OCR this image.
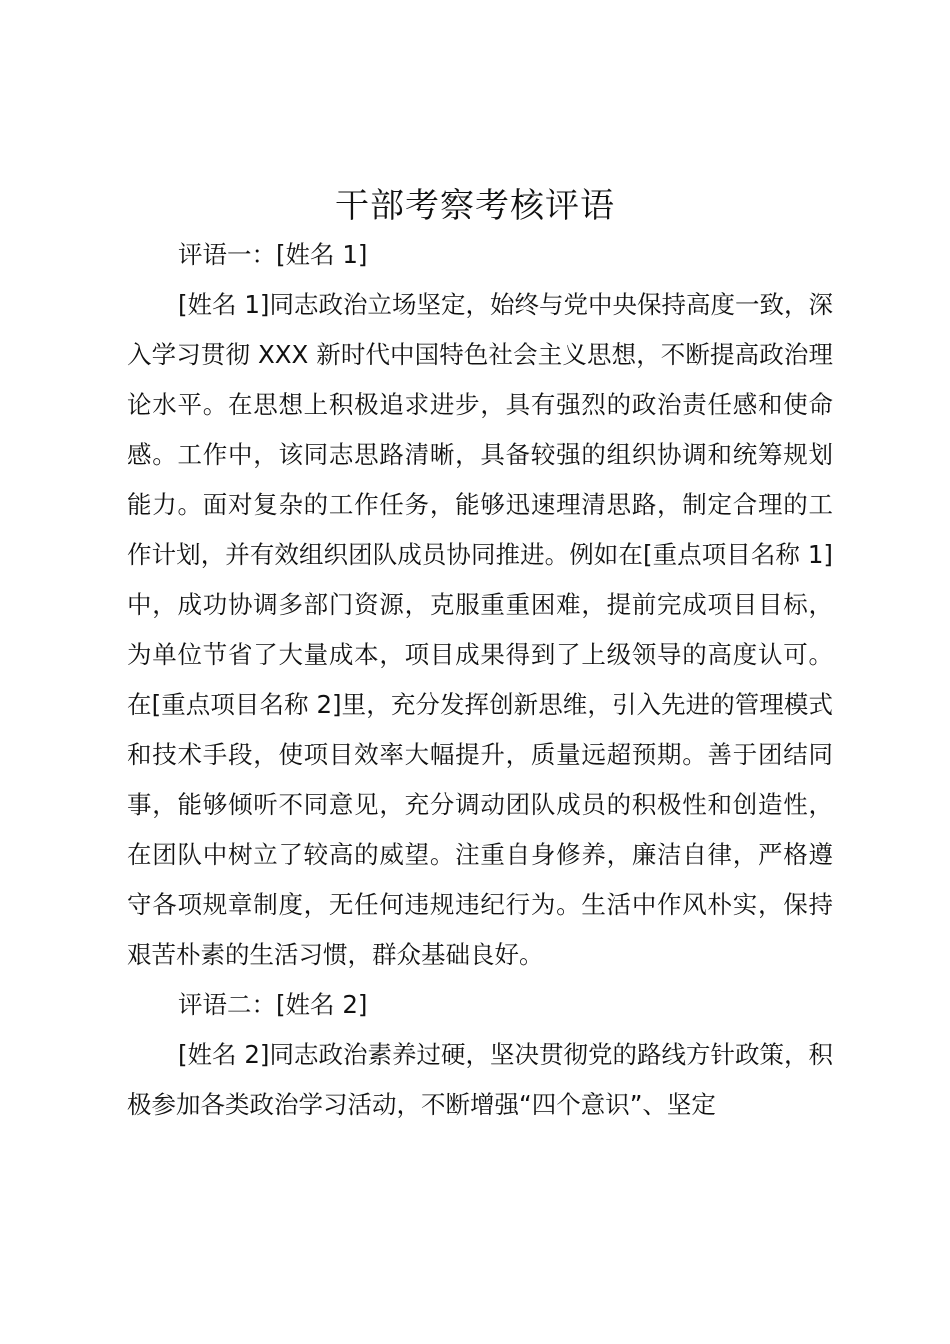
干部考察考核评语

评语一：[姓名 1]

[姓名 1]同志政治立场坚定，始终与党中央保持高度一致，深入学习贯彻 XXX 新时代中国特色社会主义思想，不断提高政治理论水平。在思想上积极追求进步，具有强烈的政治责任感和使命感。工作中，该同志思路清晰，具备较强的组织协调和统筹规划能力。面对复杂的工作任务，能够迅速理清思路，制定合理的工作计划，并有效组织团队成员协同推进。例如在[重点项目名称 1]中，成功协调多部门资源，克服重重困难，提前完成项目目标，为单位节省了大量成本，项目成果得到了上级领导的高度认可。在[重点项目名称 2]里，充分发挥创新思维，引入先进的管理模式和技术手段，使项目效率大幅提升，质量远超预期。善于团结同事，能够倾听不同意见，充分调动团队成员的积极性和创造性，在团队中树立了较高的威望。注重自身修养，廉洁自律，严格遵守各项规章制度，无任何违规违纪行为。生活中作风朴实，保持艰苦朴素的生活习惯，群众基础良好。

评语二：[姓名 2]

[姓名 2]同志政治素养过硬，坚决贯彻党的路线方针政策，积极参加各类政治学习活动，不断增强“四个意识”、坚定
